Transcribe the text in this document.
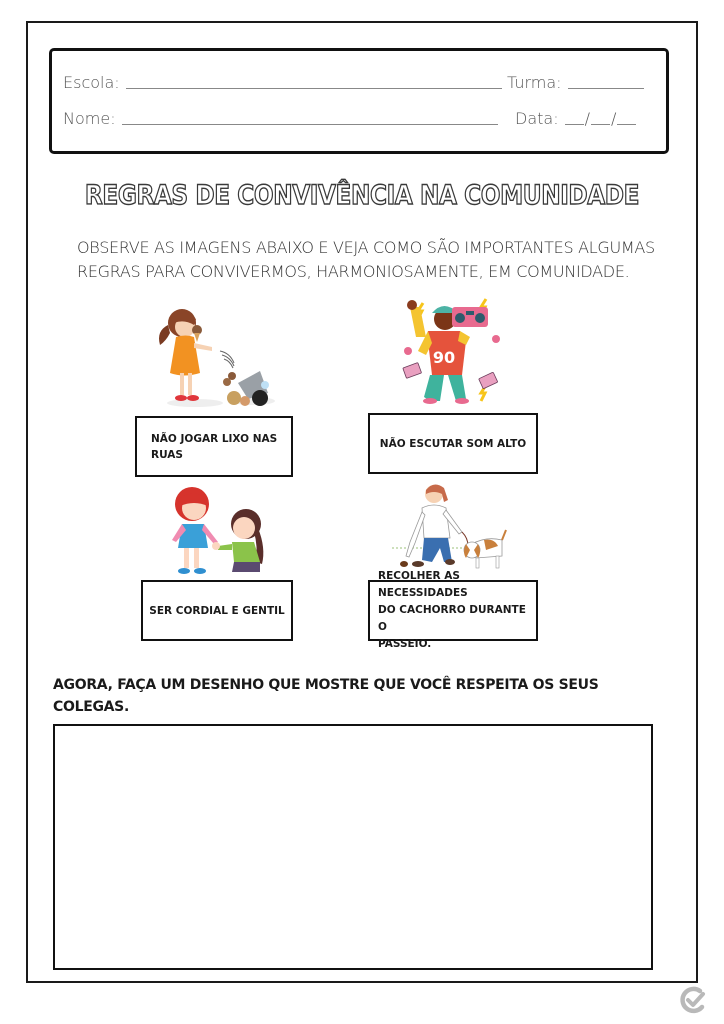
Escola:	Turma:
Nome:	Data: / /
REGRAS DE CONVIVÊNCIA NA COMUNIDADE
OBSERVE AS IMAGENS ABAIXO E VEJA COMO SÃO IMPORTANTES ALGUMAS
REGRAS PARA CONVIVERMOS, HARMONIOSAMENTE, EM COMUNIDADE.
90
NÃO JOGAR LIXO NAS
RUAS
NÃO ESCUTAR SOM ALTO
SER CORDIAL E GENTIL
RECOLHER AS NECESSIDADES
DO CACHORRO DURANTE O
PASSEIO.
AGORA, FAÇA UM DESENHO QUE MOSTRE QUE VOCÊ RESPEITA OS SEUS
COLEGAS.
